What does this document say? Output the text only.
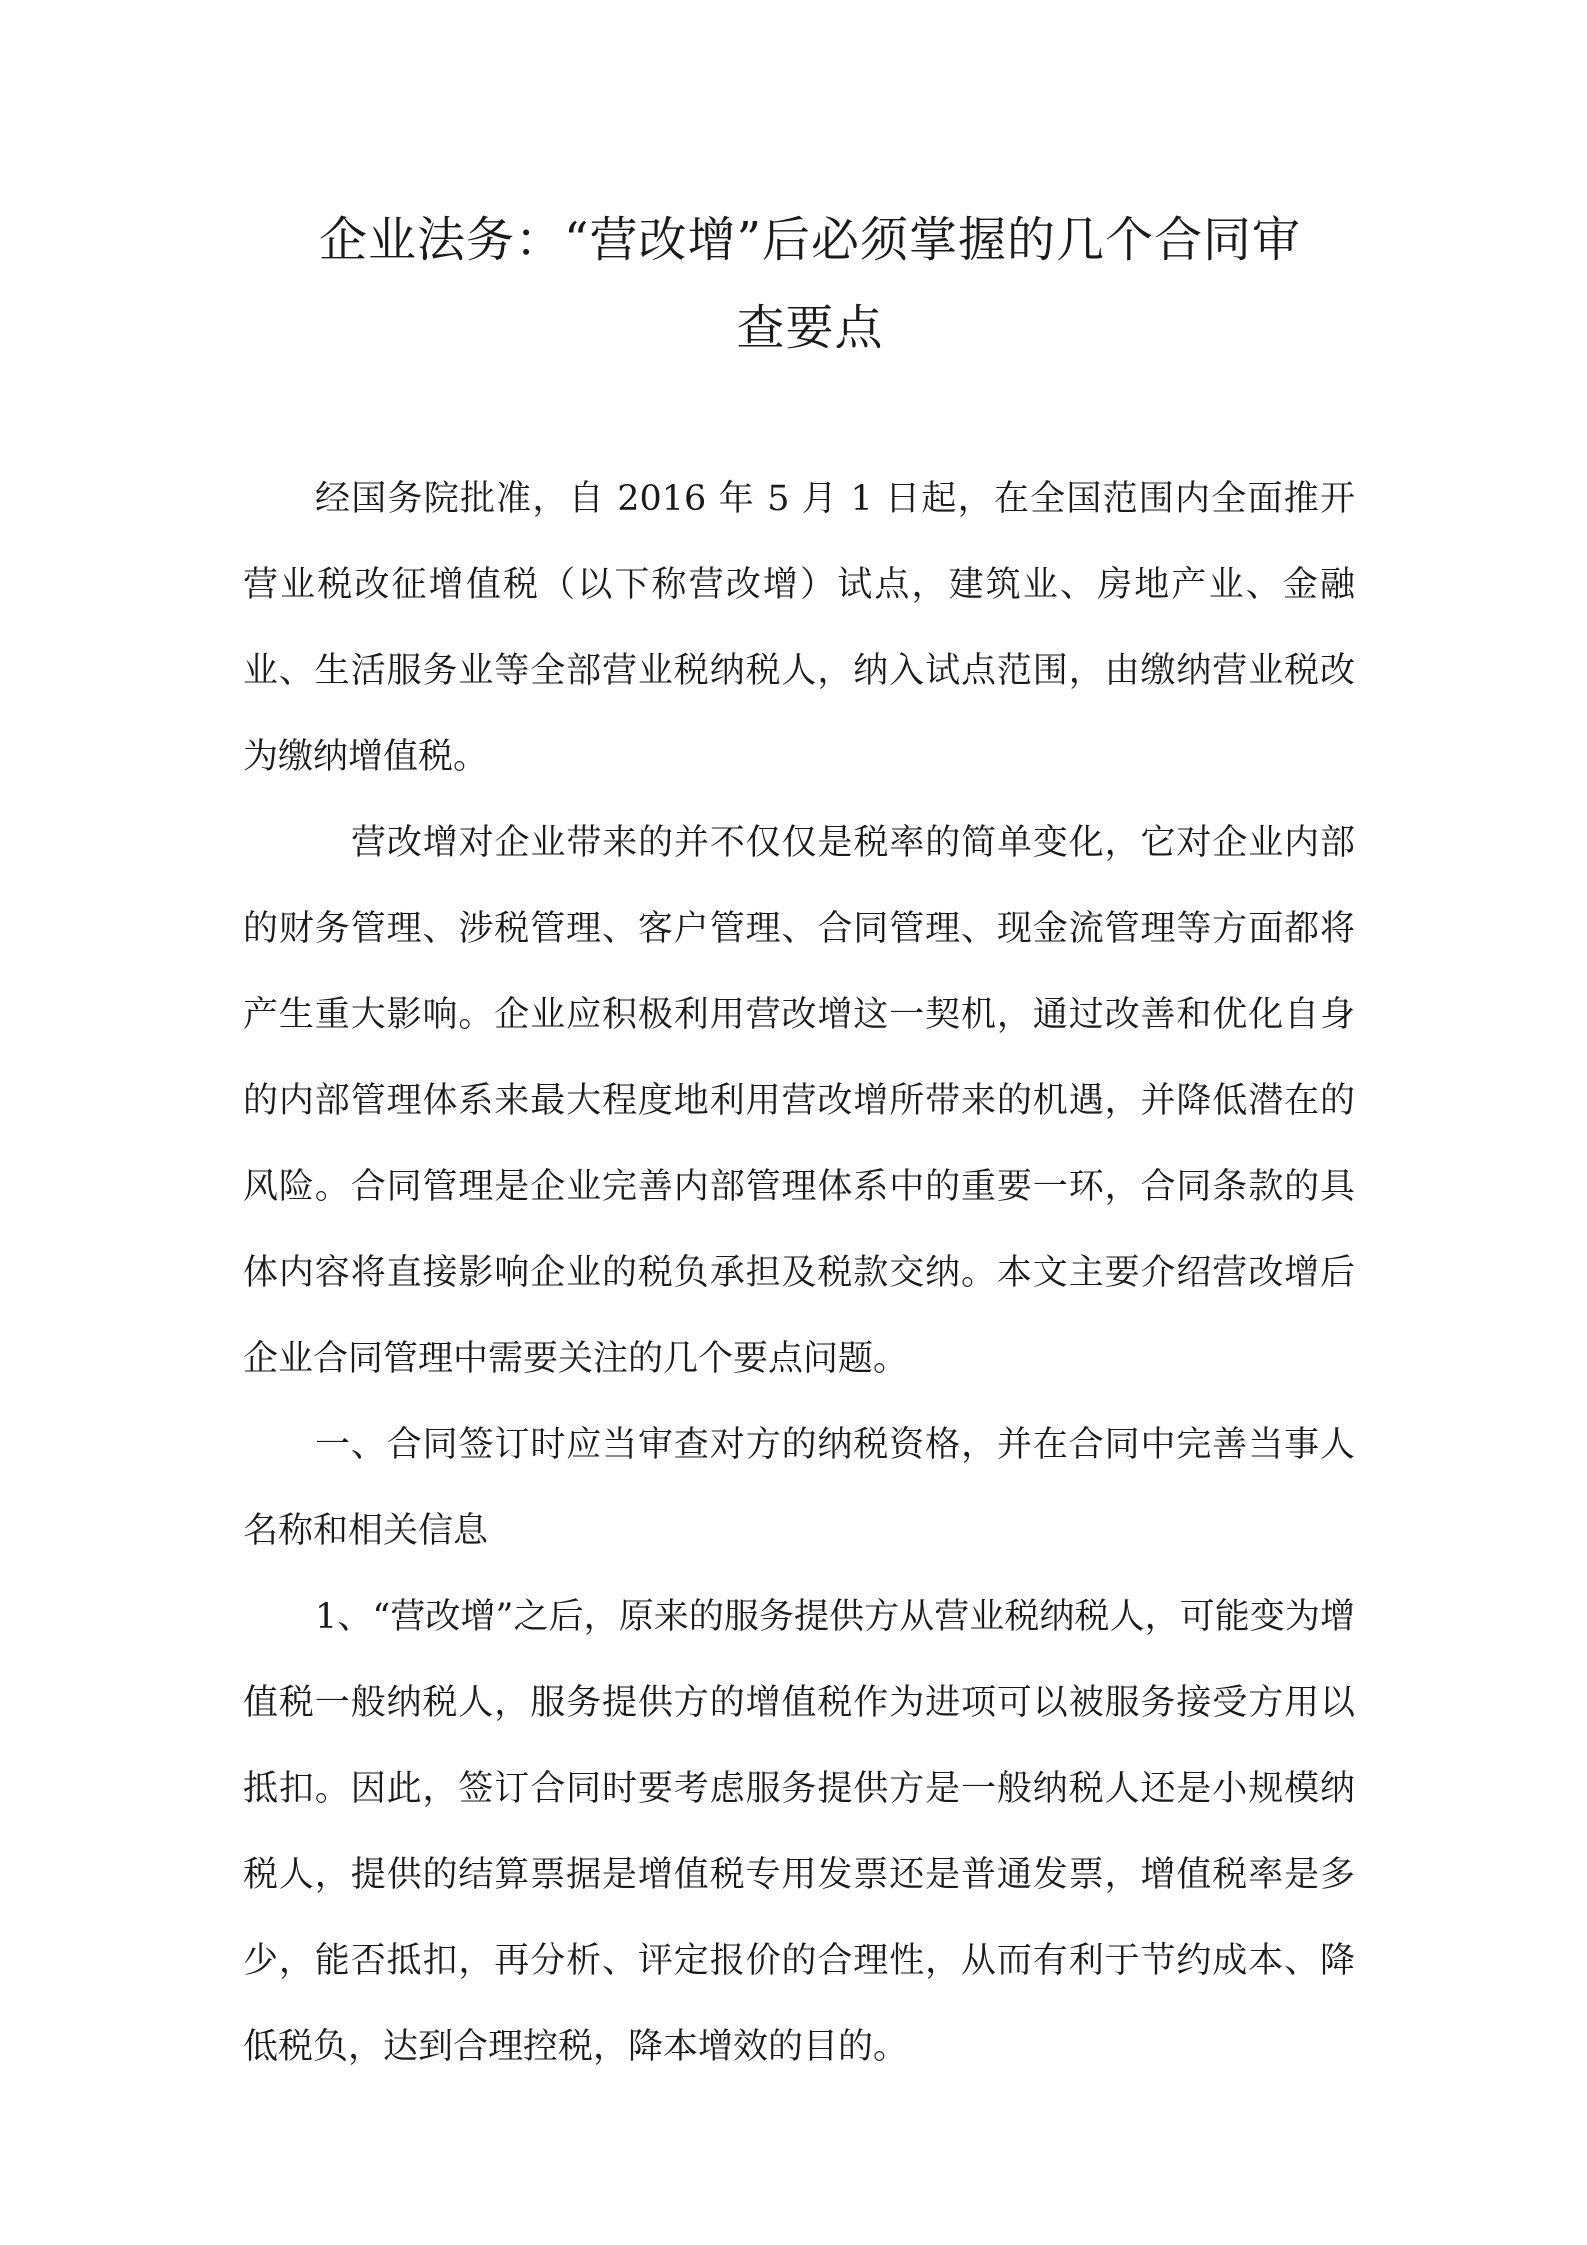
企业法务：“营改增”后必须掌握的几个合同审
查要点

经国务院批准，自 2016 年 5 月 1 日起，在全国范围内全面推开营业税改征增值税（以下称营改增）试点，建筑业、房地产业、金融业、生活服务业等全部营业税纳税人，纳入试点范围，由缴纳营业税改为缴纳增值税。

营改增对企业带来的并不仅仅是税率的简单变化，它对企业内部的财务管理、涉税管理、客户管理、合同管理、现金流管理等方面都将产生重大影响。企业应积极利用营改增这一契机，通过改善和优化自身的内部管理体系来最大程度地利用营改增所带来的机遇，并降低潜在的风险。合同管理是企业完善内部管理体系中的重要一环，合同条款的具体内容将直接影响企业的税负承担及税款交纳。本文主要介绍营改增后企业合同管理中需要关注的几个要点问题。

一、合同签订时应当审查对方的纳税资格，并在合同中完善当事人名称和相关信息

1、“营改增”之后，原来的服务提供方从营业税纳税人，可能变为增值税一般纳税人，服务提供方的增值税作为进项可以被服务接受方用以抵扣。因此，签订合同时要考虑服务提供方是一般纳税人还是小规模纳税人，提供的结算票据是增值税专用发票还是普通发票，增值税率是多少，能否抵扣，再分析、评定报价的合理性，从而有利于节约成本、降低税负，达到合理控税，降本增效的目的。
